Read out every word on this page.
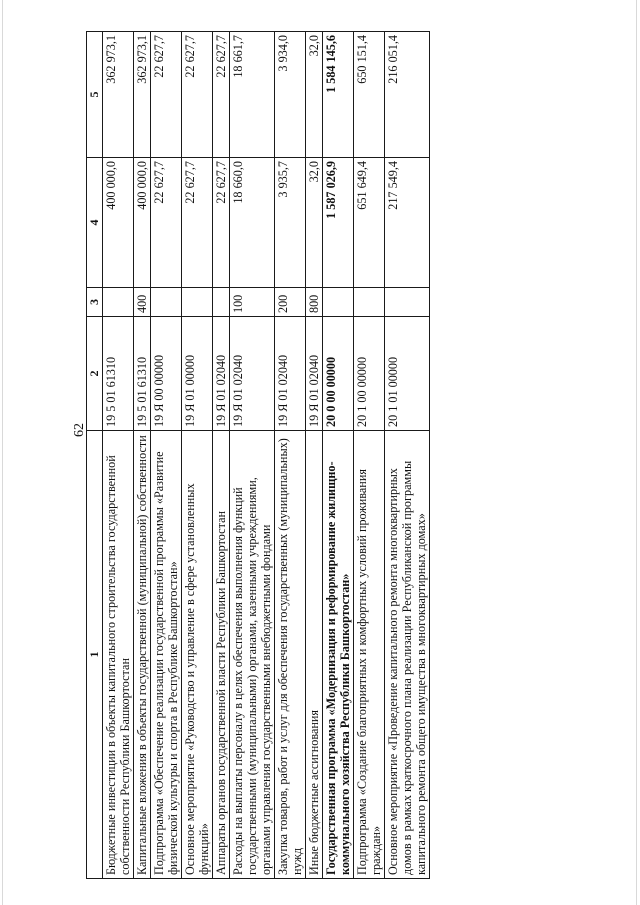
62
1	2	3	4	5
Бюджетные инвестиции в объекты капитального строительства государственной собственности Республики Башкортостан	19 5 01 61310		400 000,0	362 973,1
Капитальные вложения в объекты государственной (муниципальной) собственности	19 5 01 61310	400	400 000,0	362 973,1
Подпрограмма «Обеспечение реализации государственной программы «Развитие физической культуры и спорта в Республике Башкортостан»	19 Я 00 00000		22 627,7	22 627,7
Основное мероприятие «Руководство и управление в сфере установленных функций»	19 Я 01 00000		22 627,7	22 627,7
Аппараты органов государственной власти Республики Башкортостан	19 Я 01 02040		22 627,7	22 627,7
Расходы на выплаты персоналу в целях обеспечения выполнения функций государственными (муниципальными) органами, казенными учреждениями, органами управления государственными внебюджетными фондами	19 Я 01 02040	100	18 660,0	18 661,7
Закупка товаров, работ и услуг для обеспечения государственных (муниципальных) нужд	19 Я 01 02040	200	3 935,7	3 934,0
Иные бюджетные ассигнования	19 Я 01 02040	800	32,0	32,0
Государственная программа «Модернизация и реформирование жилищно-коммунального хозяйства Республики Башкортостан»	20 0 00 00000		1 587 026,9	1 584 145,6
Подпрограмма «Создание благоприятных и комфортных условий проживания граждан»	20 1 00 00000		651 649,4	650 151,4
Основное мероприятие «Проведение капитального ремонта многоквартирных домов в рамках краткосрочного плана реализации Республиканской программы капитального ремонта общего имущества в многоквартирных домах»	20 1 01 00000		217 549,4	216 051,4
